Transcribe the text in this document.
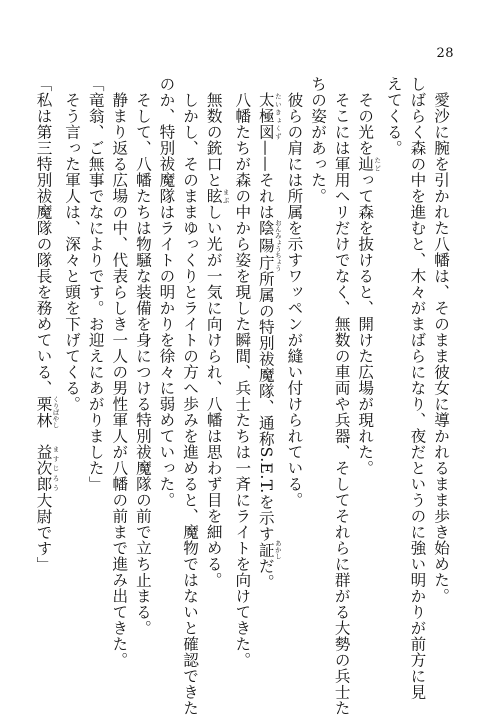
28

　愛沙に腕を引かれた八幡は、そのまま彼女に導かれるまま歩き始めた。

しばらく森の中を進むと、木々がまばらになり、夜だというのに強い明かりが前方に見

えてくる。

　その光を辿 たどって森を抜けると、開けた広場が現れた。

　そこには軍用ヘリだけでなく、無数の車両や兵器、そしてそれらに群がる大勢の兵士た

ちの姿があった。

　彼らの肩には所属を示すワッペンが縫い付けられている。

　太極図 たいきょくず——それは陰陽庁 おんみょうちょう所属の特別祓魔隊、通称S.E.T.を示す証 あかしだ。

　八幡たちが森の中から姿を現した瞬間、兵士たちは一斉にライトを向けてきた。

　無数の銃口と眩 まぶしい光が一気に向けられ、八幡は思わず目を細める。

　しかし、そのままゆっくりとライトの方へ歩みを進めると、魔物ではないと確認できた

のか、特別祓魔隊はライトの明かりを徐々に弱めていった。

　そして、八幡たちは物騒な装備を身につける特別祓魔隊の前で立ち止まる。

　静まり返る広場の中、代表らしき一人の男性軍人が八幡の前まで進み出てきた。

「竜翁、ご無事でなによりです。お迎えにあがりました」

　そう言った軍人は、深々と頭を下げてくる。

「私は第三特別祓魔隊の隊長を務めている、栗林 くりばやし　益次郎 ますじろう大尉です」
